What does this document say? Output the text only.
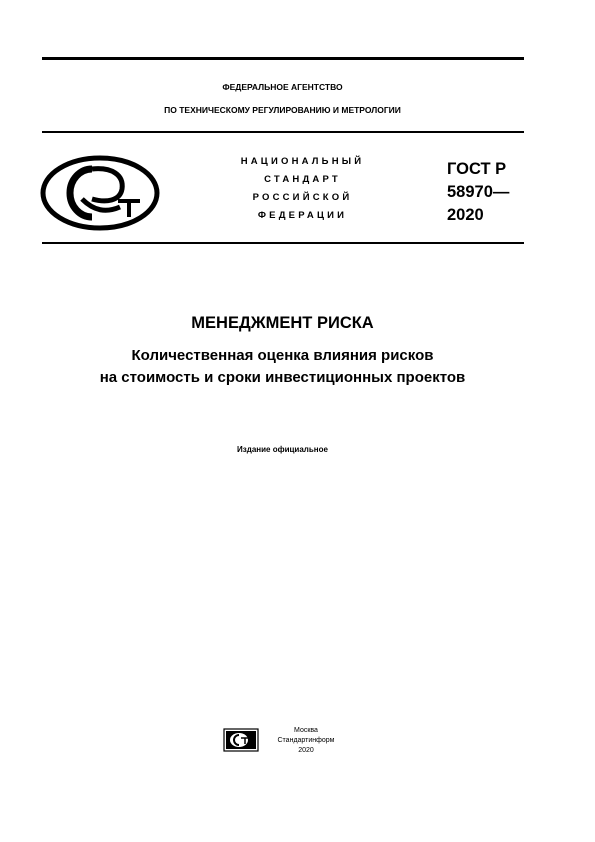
ФЕДЕРАЛЬНОЕ АГЕНТСТВО
ПО ТЕХНИЧЕСКОМУ РЕГУЛИРОВАНИЮ И МЕТРОЛОГИИ
НАЦИОНАЛЬНЫЙ
СТАНДАРТ
РОССИЙСКОЙ
ФЕДЕРАЦИИ
ГОСТ Р
58970—
2020
МЕНЕДЖМЕНТ РИСКА
Количественная оценка влияния рисков
на стоимость и сроки инвестиционных проектов
Издание официальное
Москва
Стандартинформ
2020
